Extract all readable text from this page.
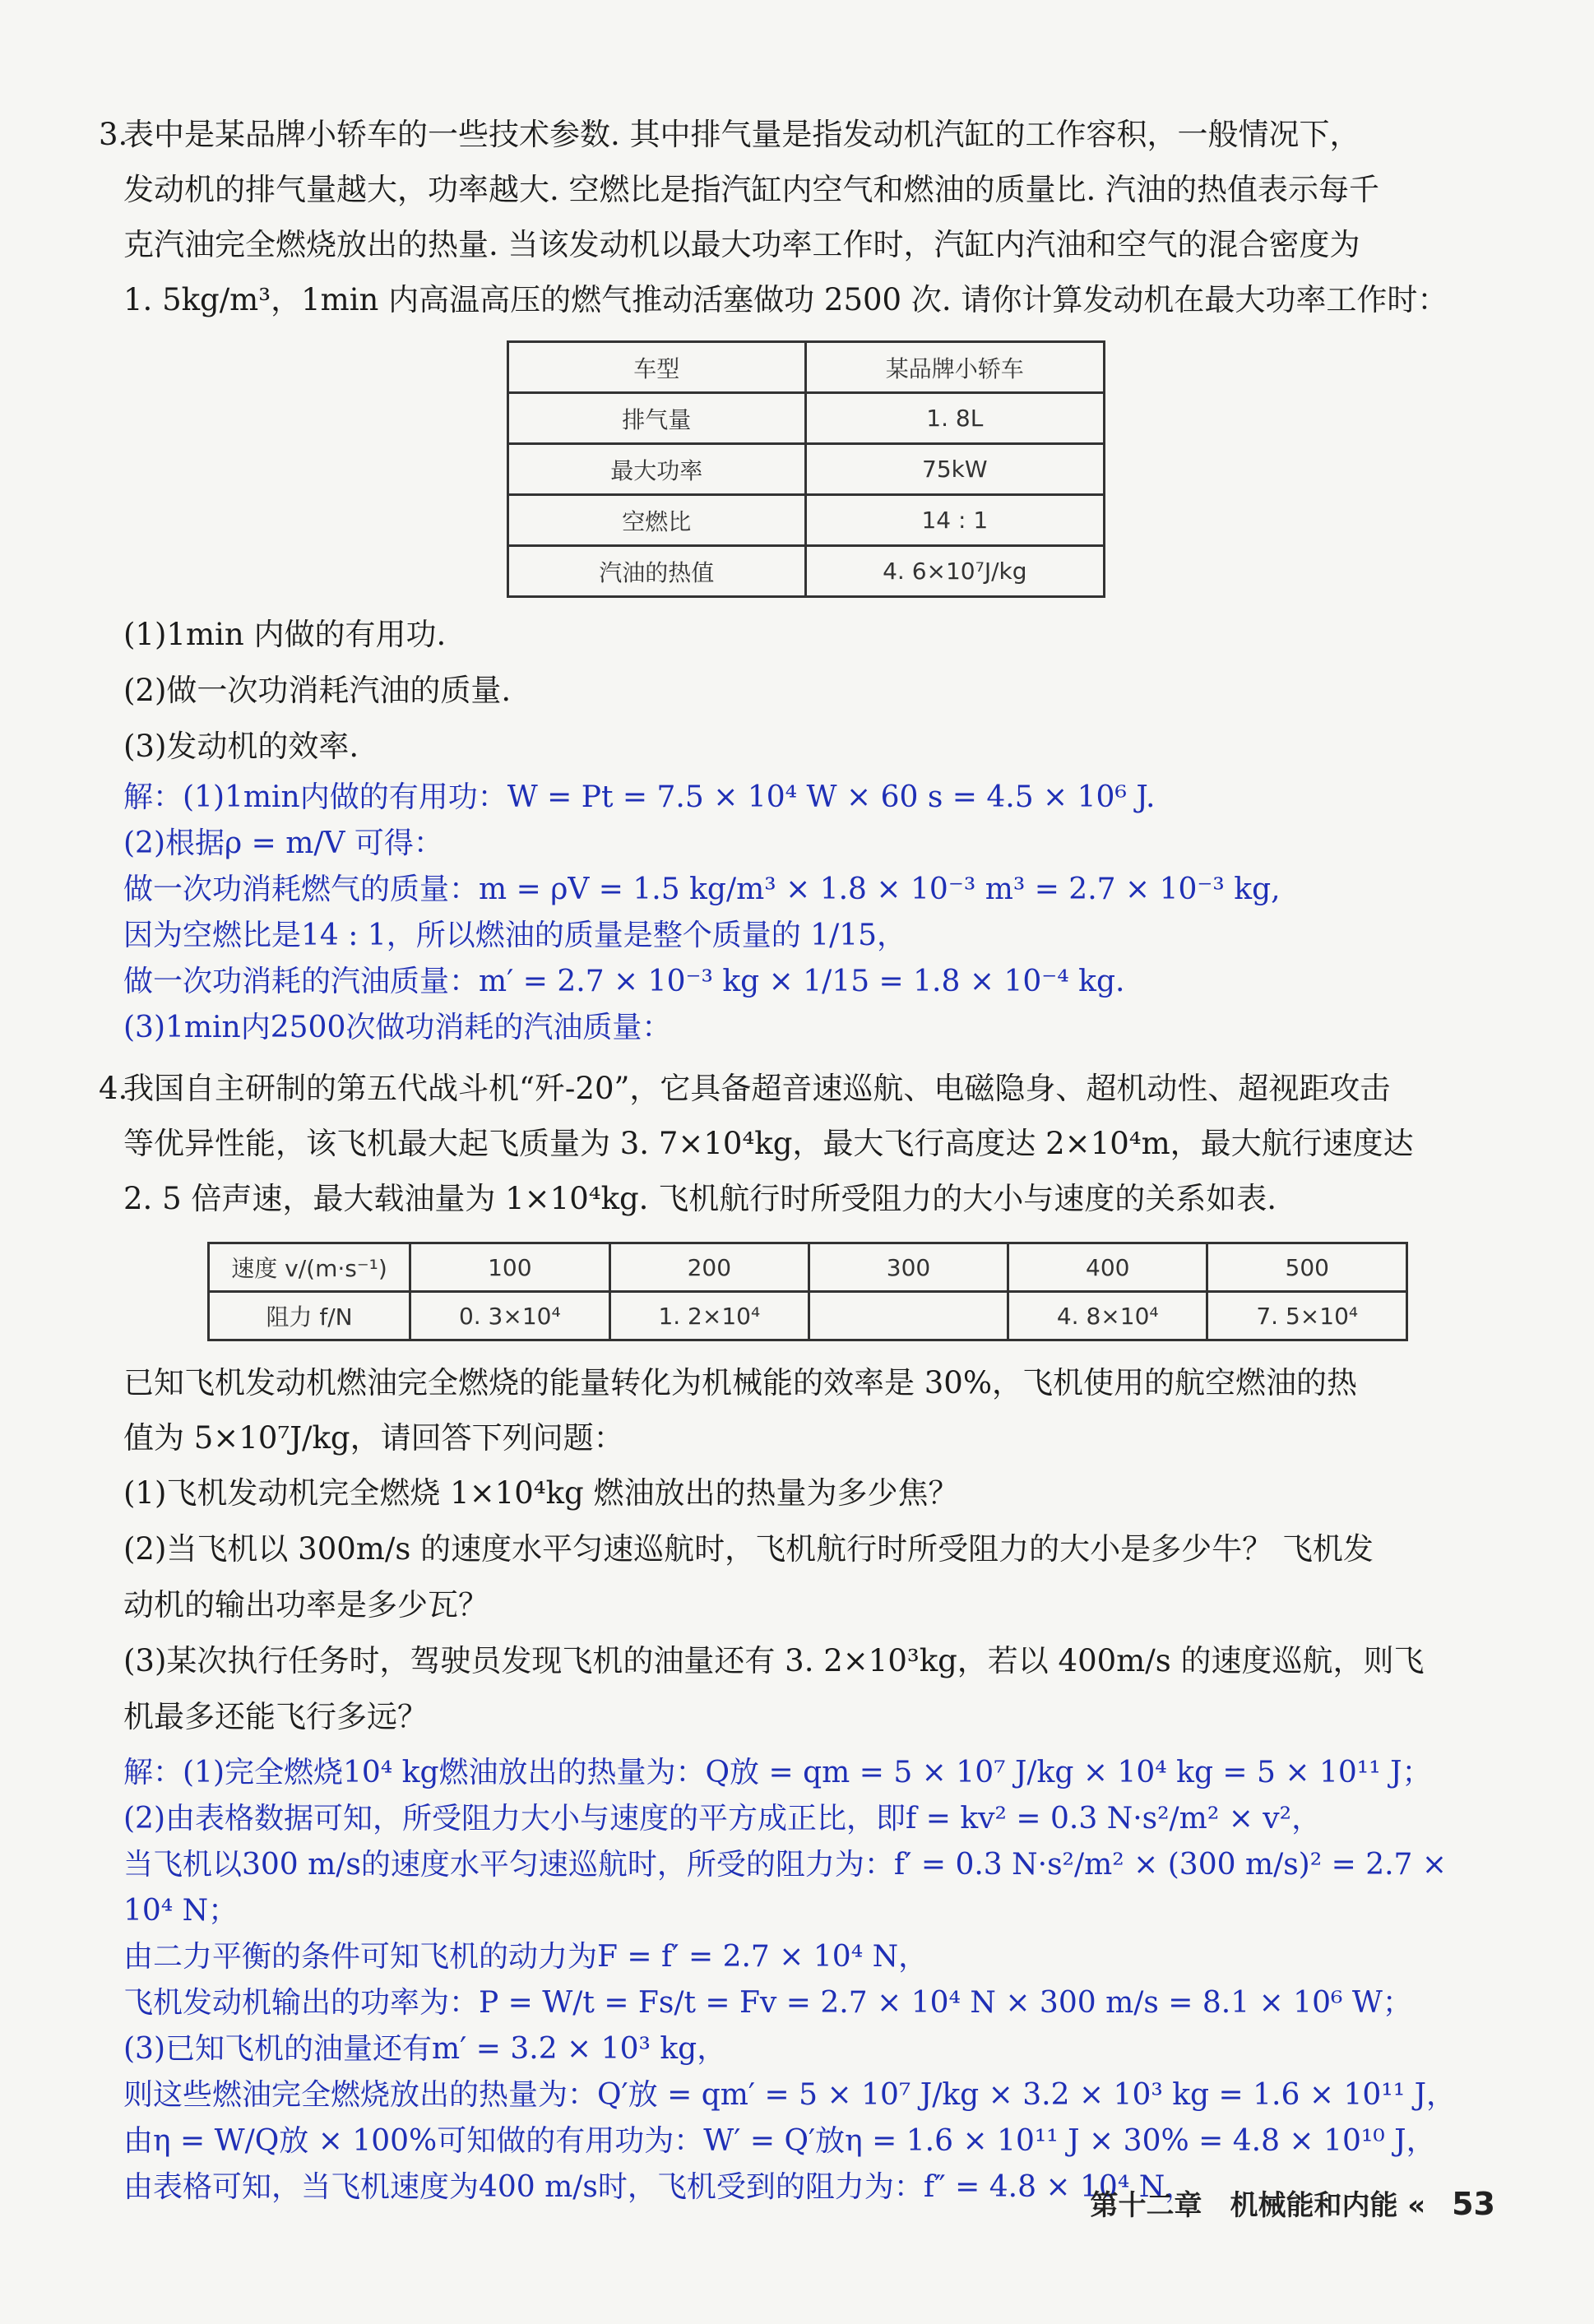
3.

表中是某品牌小轿车的一些技术参数. 其中排气量是指发动机汽缸的工作容积，一般情况下，

发动机的排气量越大，功率越大. 空燃比是指汽缸内空气和燃油的质量比. 汽油的热值表示每千

克汽油完全燃烧放出的热量. 当该发动机以最大功率工作时，汽缸内汽油和空气的混合密度为

1. 5kg/m³，1min 内高温高压的燃气推动活塞做功 2500 次. 请你计算发动机在最大功率工作时：

车型	某品牌小轿车
排气量	1. 8L
最大功率	75kW
空燃比	14 : 1
汽油的热值	4. 6×10⁷J/kg

(1)1min 内做的有用功.

(2)做一次功消耗汽油的质量.

(3)发动机的效率.

解：(1)1min内做的有用功：W = Pt = 7.5 × 10⁴ W × 60 s = 4.5 × 10⁶ J.

(2)根据ρ = m/V 可得：

做一次功消耗燃气的质量：m = ρV = 1.5 kg/m³ × 1.8 × 10⁻³ m³ = 2.7 × 10⁻³ kg,

因为空燃比是14 : 1，所以燃油的质量是整个质量的 1/15，

做一次功消耗的汽油质量：m′ = 2.7 × 10⁻³ kg × 1/15 = 1.8 × 10⁻⁴ kg.

(3)1min内2500次做功消耗的汽油质量：

4.

我国自主研制的第五代战斗机“歼-20”，它具备超音速巡航、电磁隐身、超机动性、超视距攻击

等优异性能，该飞机最大起飞质量为 3. 7×10⁴kg，最大飞行高度达 2×10⁴m，最大航行速度达

2. 5 倍声速，最大载油量为 1×10⁴kg. 飞机航行时所受阻力的大小与速度的关系如表.

速度 v/(m·s⁻¹)	100	200	300	400	500
阻力 f/N	0. 3×10⁴	1. 2×10⁴		4. 8×10⁴	7. 5×10⁴

已知飞机发动机燃油完全燃烧的能量转化为机械能的效率是 30%，飞机使用的航空燃油的热

值为 5×10⁷J/kg，请回答下列问题：

(1)飞机发动机完全燃烧 1×10⁴kg 燃油放出的热量为多少焦？

(2)当飞机以 300m/s 的速度水平匀速巡航时，飞机航行时所受阻力的大小是多少牛？ 飞机发

动机的输出功率是多少瓦？

(3)某次执行任务时，驾驶员发现飞机的油量还有 3. 2×10³kg，若以 400m/s 的速度巡航，则飞

机最多还能飞行多远？

解：(1)完全燃烧10⁴ kg燃油放出的热量为：Q放 = qm = 5 × 10⁷ J/kg × 10⁴ kg = 5 × 10¹¹ J；

(2)由表格数据可知，所受阻力大小与速度的平方成正比，即f = kv² = 0.3 N·s²/m² × v²，

当飞机以300 m/s的速度水平匀速巡航时，所受的阻力为：f′ = 0.3 N·s²/m² × (300 m/s)² = 2.7 ×

10⁴ N；

由二力平衡的条件可知飞机的动力为F = f′ = 2.7 × 10⁴ N，

飞机发动机输出的功率为：P = W/t = Fs/t = Fv = 2.7 × 10⁴ N × 300 m/s = 8.1 × 10⁶ W；

(3)已知飞机的油量还有m′ = 3.2 × 10³ kg，

则这些燃油完全燃烧放出的热量为：Q′放 = qm′ = 5 × 10⁷ J/kg × 3.2 × 10³ kg = 1.6 × 10¹¹ J，

由η = W/Q放 × 100%可知做的有用功为：W′ = Q′放η = 1.6 × 10¹¹ J × 30% = 4.8 × 10¹⁰ J，

由表格可知，当飞机速度为400 m/s时，飞机受到的阻力为：f″ = 4.8 × 10⁴ N，

第十二章　机械能和内能 « 53
